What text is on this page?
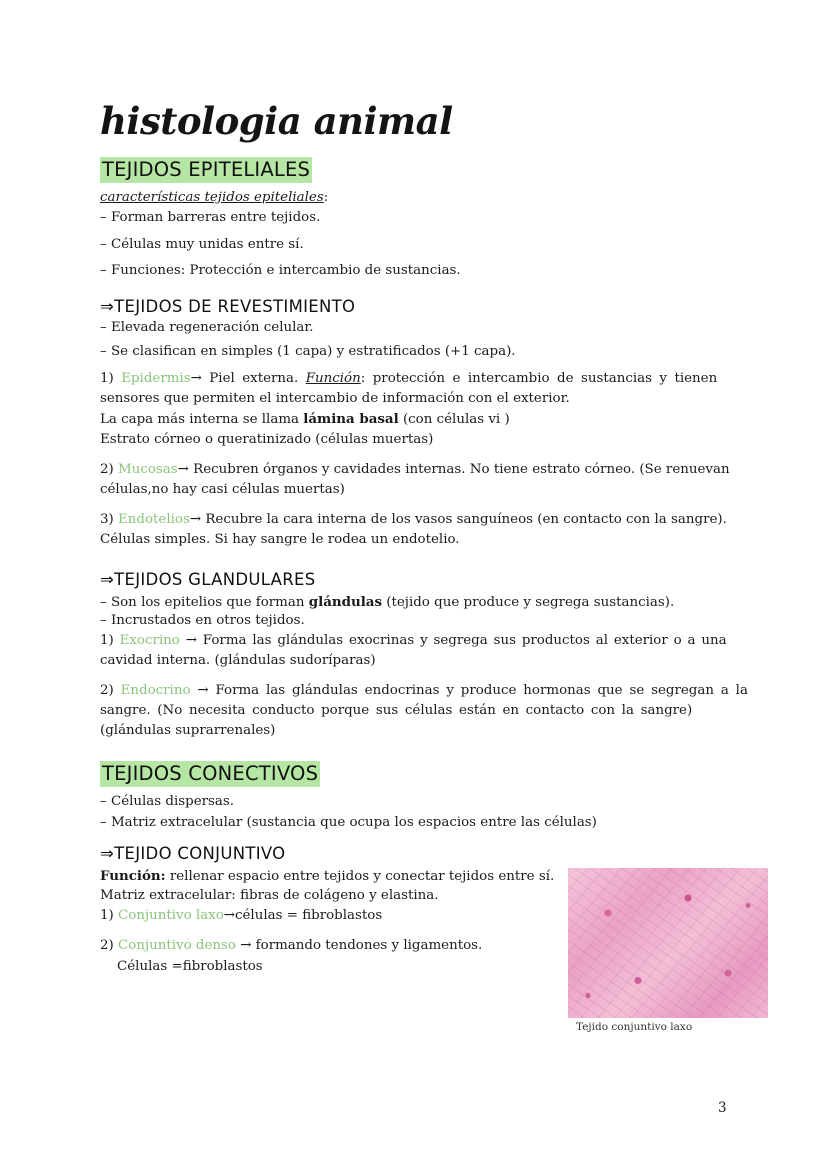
histologia animal
TEJIDOS EPITELIALES
características tejidos epiteliales:
– Forman barreras entre tejidos.
– Células muy unidas entre sí.
– Funciones: Protección e intercambio de sustancias.
⇒TEJIDOS DE REVESTIMIENTO
– Elevada regeneración celular.
– Se clasifican en simples (1 capa) y estratificados (+1 capa).
1) Epidermis→ Piel externa. Función: protección e intercambio de sustancias y tienen
sensores que permiten el intercambio de información con el exterior.
La capa más interna se llama lámina basal (con células vi )
Estrato córneo o queratinizado (células muertas)
2) Mucosas→ Recubren órganos y cavidades internas. No tiene estrato córneo. (Se renuevan
células,no hay casi células muertas)
3) Endotelios→ Recubre la cara interna de los vasos sanguíneos (en contacto con la sangre).
Células simples. Si hay sangre le rodea un endotelio.
⇒TEJIDOS GLANDULARES
– Son los epitelios que forman glándulas (tejido que produce y segrega sustancias).
– Incrustados en otros tejidos.
1) Exocrino → Forma las glándulas exocrinas y segrega sus productos al exterior o a una
cavidad interna. (glándulas sudoríparas)
2) Endocrino → Forma las glándulas endocrinas y produce hormonas que se segregan a la
sangre. (No necesita conducto porque sus células están en contacto con la sangre)
(glándulas suprarrenales)
TEJIDOS CONECTIVOS
– Células dispersas.
– Matriz extracelular (sustancia que ocupa los espacios entre las células)
⇒TEJIDO CONJUNTIVO
Función: rellenar espacio entre tejidos y conectar tejidos entre sí.
Matriz extracelular: fibras de colágeno y elastina.
1) Conjuntivo laxo→células = fibroblastos
2) Conjuntivo denso → formando tendones y ligamentos.
Células =fibroblastos
Tejido conjuntivo laxo
3
